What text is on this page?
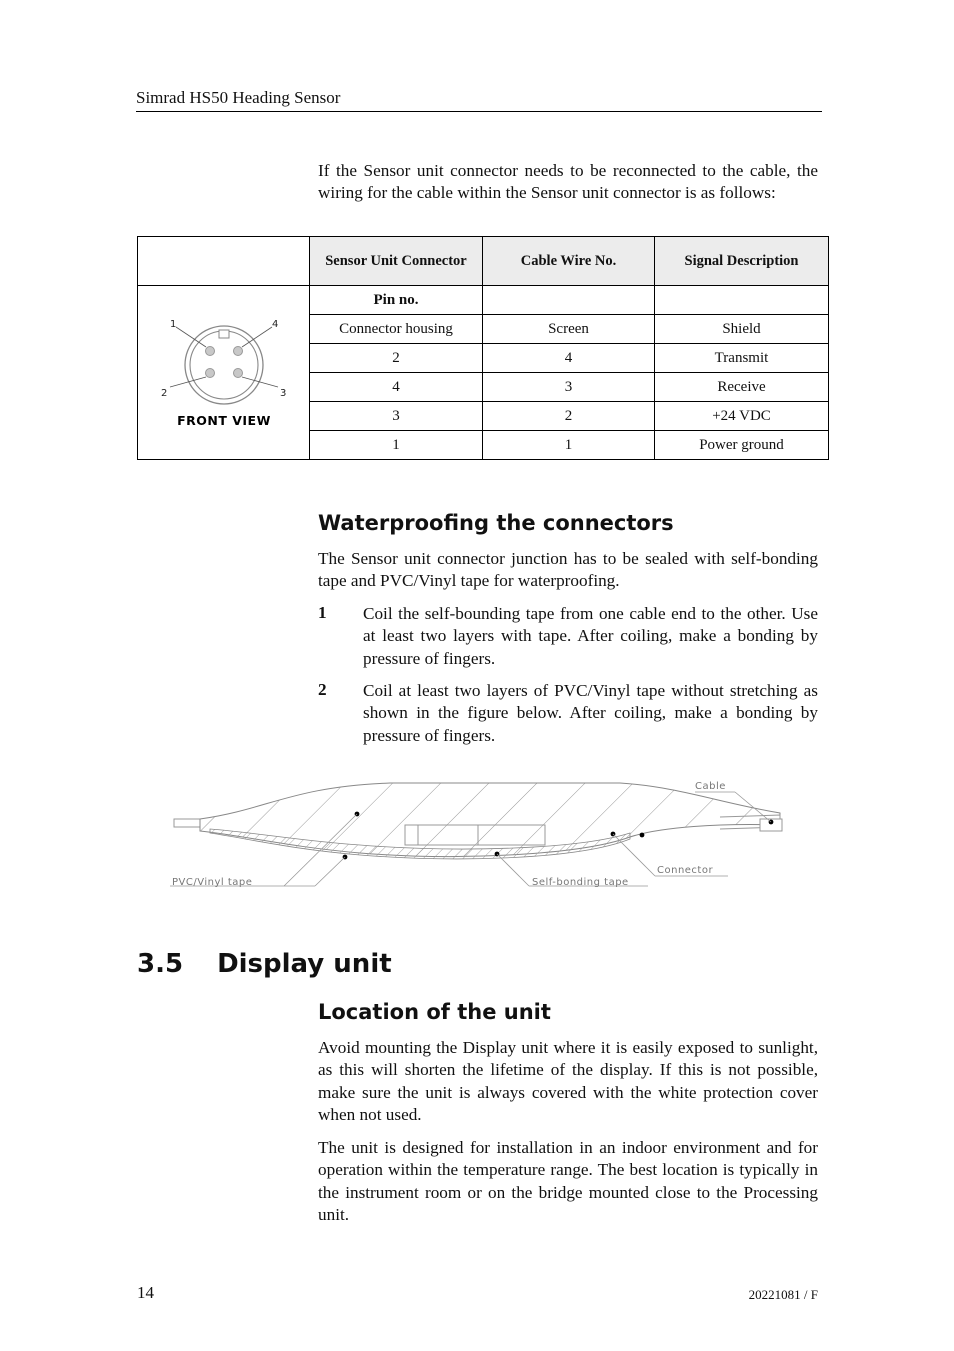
Simrad HS50 Heading Sensor
If the Sensor unit connector needs to be reconnected to the cable, the wiring for the cable within the Sensor unit connector is as follows:
	Sensor Unit Connector	Cable Wire No.	Signal Description

1 4
2 3
FRONT VIEW	Pin no.		
	Connector housing	Screen	Shield
	2	4	Transmit
	4	3	Receive
	3	2	+24 VDC
	1	1	Power ground
Waterproofing the connectors
The Sensor unit connector junction has to be sealed with self-bonding tape and PVC/Vinyl tape for waterproofing.
1 Coil the self-bounding tape from one cable end to the other. Use at least two layers with tape. After coiling, make a bonding by pressure of fingers.
2 Coil at least two layers of PVC/Vinyl tape without stretching as shown in the figure below. After coiling, make a bonding by pressure of fingers.
Cable
Connector
PVC/Vinyl tape	Self-bonding tape
3.5 Display unit
Location of the unit
Avoid mounting the Display unit where it is easily exposed to sunlight, as this will shorten the lifetime of the display. If this is not possible, make sure the unit is always covered with the white protection cover when not used.
The unit is designed for installation in an indoor environment and for operation within the temperature range. The best location is typically in the instrument room or on the bridge mounted close to the Processing unit.
14	20221081 / F
